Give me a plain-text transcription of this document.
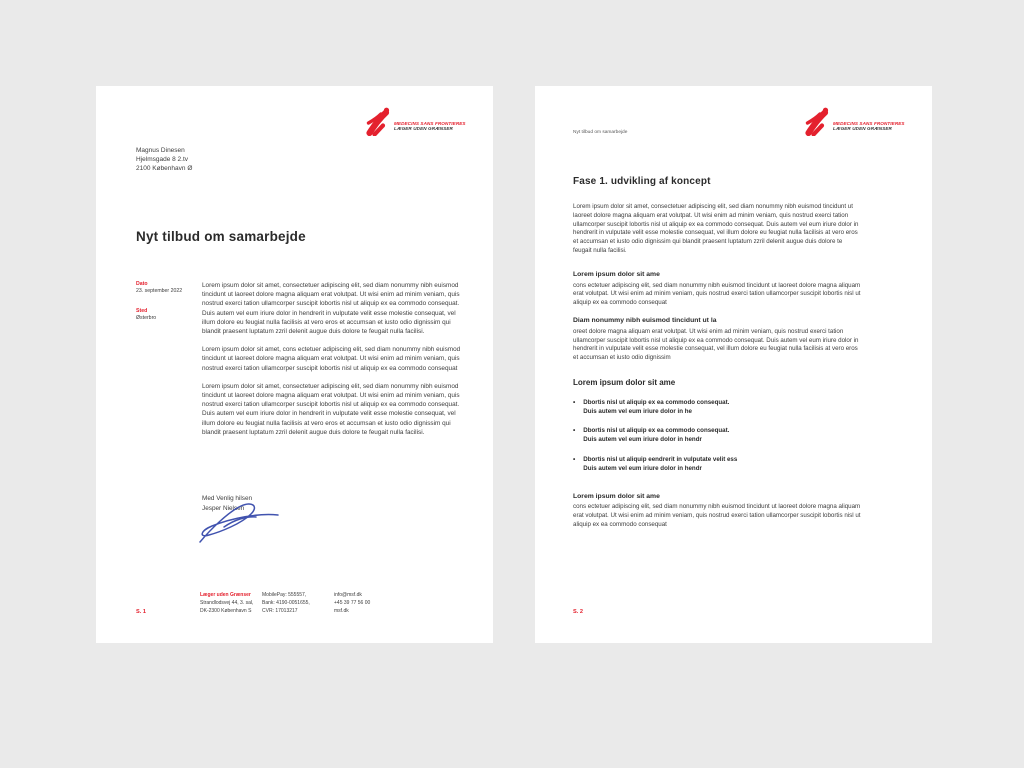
MEDECINS SANS FRONTIERES
LÆGER UDEN GRÆNSER
Magnus Dinesen
Hjelmsgade 8 2.tv
2100 København Ø
Nyt tilbud om samarbejde
Dato
23. september 2022
Sted
Østerbro

Lorem ipsum dolor sit amet, consectetuer adipiscing elit, sed diam nonummy nibh euismod tincidunt ut laoreet dolore magna aliquam erat volutpat. Ut wisi enim ad minim veniam, quis nostrud exerci tation ullamcorper suscipit lobortis nisl ut aliquip ex ea commodo consequat. Duis autem vel eum iriure dolor in hendrerit in vulputate velit esse molestie consequat, vel illum dolore eu feugiat nulla facilisis at vero eros et accumsan et iusto odio dignissim qui blandit praesent luptatum zzril delenit augue duis dolore te feugait nulla facilisi.

Lorem ipsum dolor sit amet, cons ectetuer adipiscing elit, sed diam nonummy nibh euismod tincidunt ut laoreet dolore magna aliquam erat volutpat. Ut wisi enim ad minim veniam, quis nostrud exerci tation ullamcorper suscipit lobortis nisl ut aliquip ex ea commodo consequat

Lorem ipsum dolor sit amet, consectetuer adipiscing elit, sed diam nonummy nibh euismod tincidunt ut laoreet dolore magna aliquam erat volutpat. Ut wisi enim ad minim veniam, quis nostrud exerci tation ullamcorper suscipit lobortis nisl ut aliquip ex ea commodo consequat. Duis autem vel eum iriure dolor in hendrerit in vulputate velit esse molestie consequat, vel illum dolore eu feugiat nulla facilisis at vero eros et accumsan et iusto odio dignissim qui blandit praesent luptatum zzril delenit augue duis dolore te feugait nulla facilisi.

Med Venlig hilsen
Jesper Nielsen
S. 1
Læger uden Grænser
Strandlodsvej 44, 3. sal,
DK-2300 København S
MobilePay: 555557,
Bank: 4190-0051655,
CVR: 17013217
info@msf.dk
+45 39 77 56 00
msf.dk
Nyt tilbud om samarbejde
MEDECINS SANS FRONTIERES
LÆGER UDEN GRÆNSER
Fase 1. udvikling af koncept

Lorem ipsum dolor sit amet, consectetuer adipiscing elit, sed diam nonummy nibh euismod tincidunt ut laoreet dolore magna aliquam erat volutpat. Ut wisi enim ad minim veniam, quis nostrud exerci tation ullamcorper suscipit lobortis nisl ut aliquip ex ea commodo consequat. Duis autem vel eum iriure dolor in hendrerit in vulputate velit esse molestie consequat, vel illum dolore eu feugiat nulla facilisis at vero eros et accumsan et iusto odio dignissim qui blandit praesent luptatum zzril delenit augue duis dolore te feugait nulla facilisi.

Lorem ipsum dolor sit ame
cons ectetuer adipiscing elit, sed diam nonummy nibh euismod tincidunt ut laoreet dolore magna aliquam erat volutpat. Ut wisi enim ad minim veniam, quis nostrud exerci tation ullamcorper suscipit lobortis nisl ut aliquip ex ea commodo consequat
Diam nonummy nibh euismod tincidunt ut la
oreet dolore magna aliquam erat volutpat. Ut wisi enim ad minim veniam, quis nostrud exerci tation ullamcorper suscipit lobortis nisl ut aliquip ex ea commodo consequat. Duis autem vel eum iriure dolor in hendrerit in vulputate velit esse molestie consequat, vel illum dolore eu feugiat nulla facilisis at vero eros et accumsan et iusto odio dignissim
Lorem ipsum dolor sit ame
• Dbortis nisl ut aliquip ex ea commodo consequat.
Duis autem vel eum iriure dolor in he
• Dbortis nisl ut aliquip ex ea commodo consequat.
Duis autem vel eum iriure dolor in hendr
• Dbortis nisl ut aliquip eendrerit in vulputate velit ess
Duis autem vel eum iriure dolor in hendr
Lorem ipsum dolor sit ame
cons ectetuer adipiscing elit, sed diam nonummy nibh euismod tincidunt ut laoreet dolore magna aliquam erat volutpat. Ut wisi enim ad minim veniam, quis nostrud exerci tation ullamcorper suscipit lobortis nisl ut aliquip ex ea commodo consequat
S. 2
